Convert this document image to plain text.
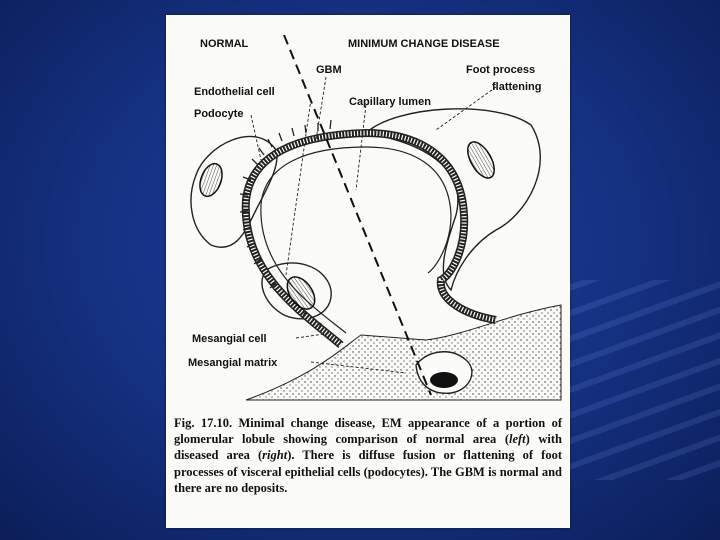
NORMAL	MINIMUM CHANGE DISEASE
GBM
Endothelial cell
Podocyte
Capillary lumen
Foot process
flattening
Mesangial cell
Mesangial matrix
Fig. 17.10. Minimal change disease, EM appearance of a portion of glomerular lobule showing comparison of normal area (left) with diseased area (right). There is diffuse fusion or flattening of foot processes of visceral epithelial cells (podocytes). The GBM is normal and there are no deposits.
